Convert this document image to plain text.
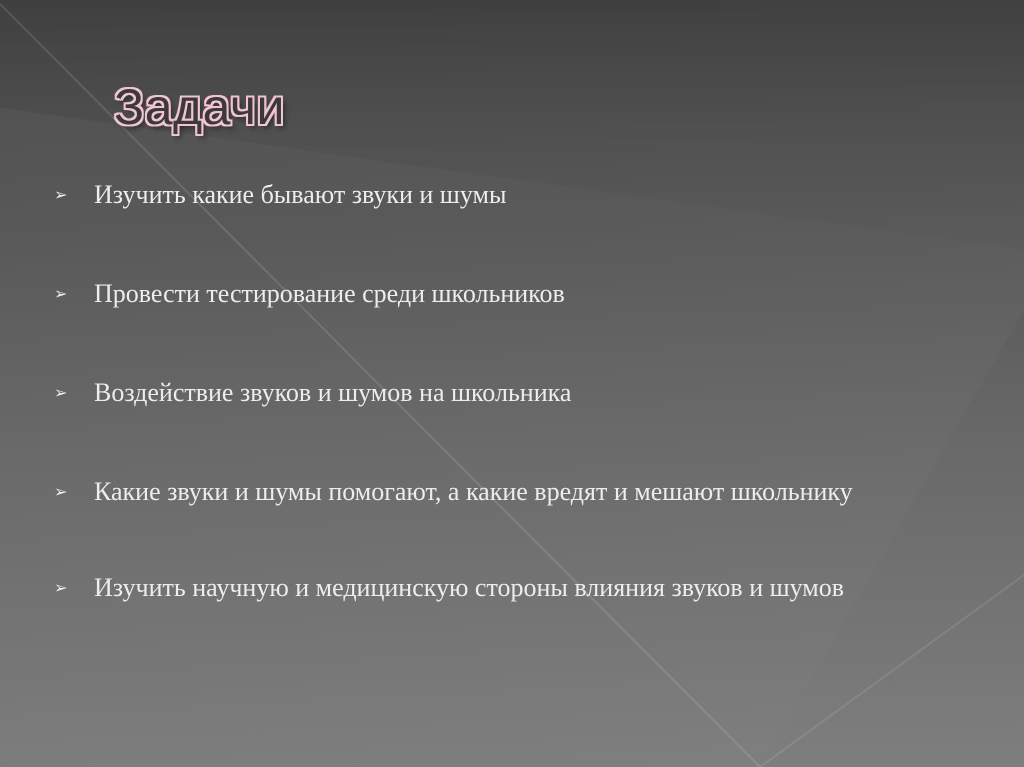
Задачи
➢	Изучить какие бывают звуки и шумы
➢	Провести тестирование среди школьников
➢	Воздействие звуков и шумов на школьника
➢	Какие звуки и шумы помогают, а какие вредят и мешают школьнику
➢	Изучить научную и медицинскую стороны влияния звуков и шумов
